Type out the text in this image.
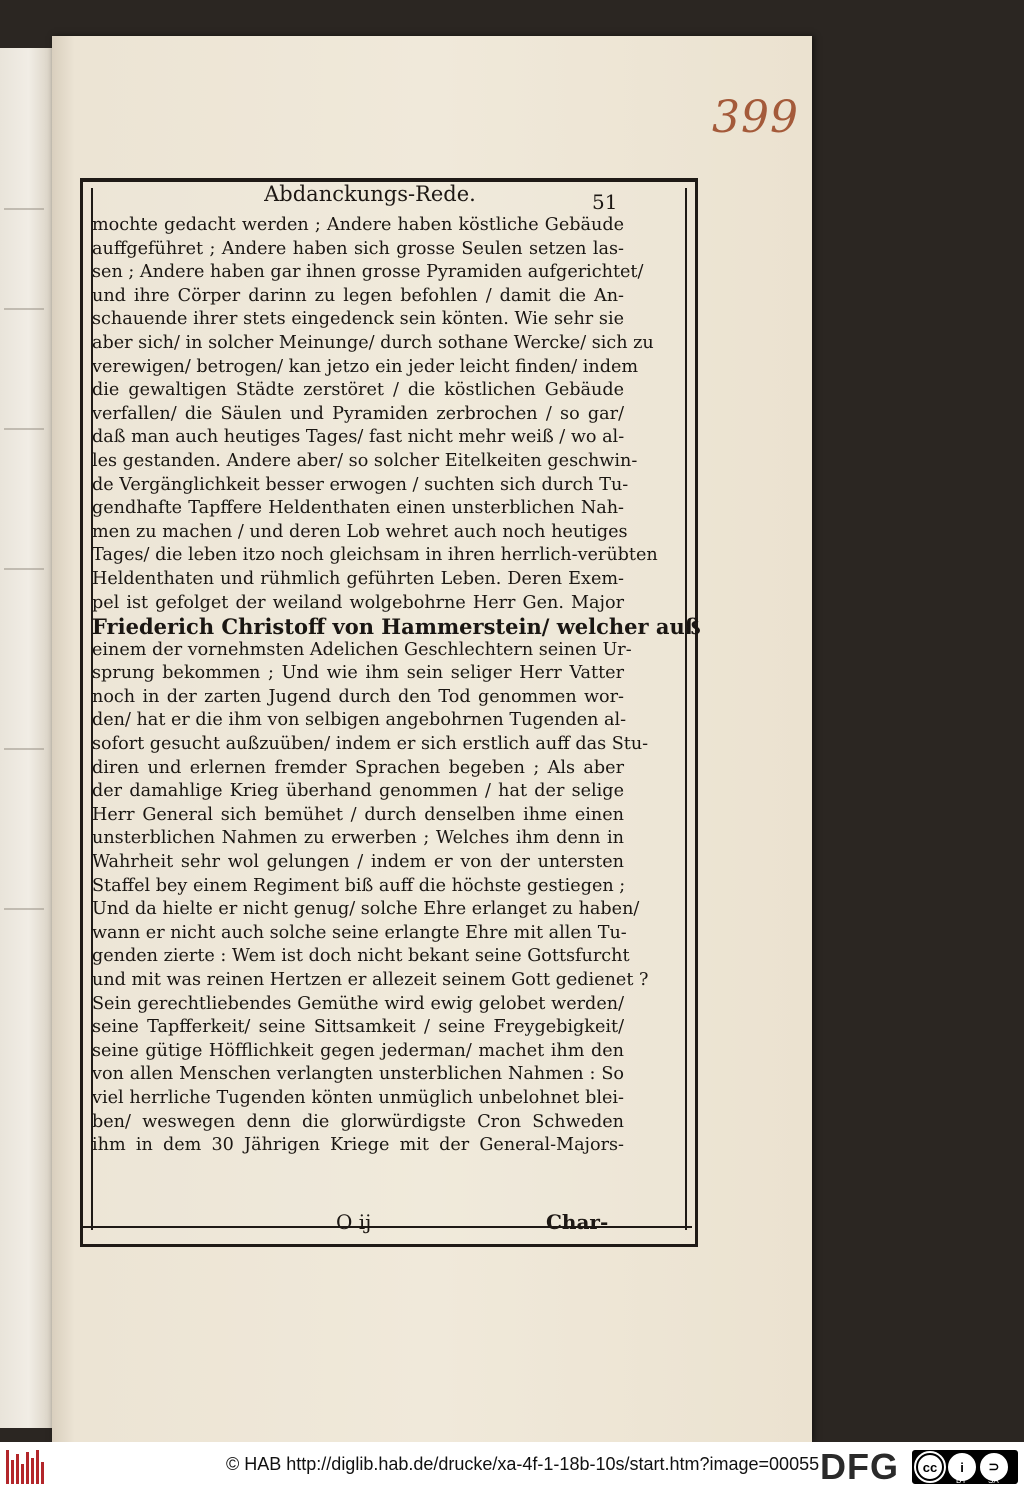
399
Abdanckungs-Rede.	51
mochte gedacht werden ; Andere haben köstliche Gebäude
auffgeführet ; Andere haben sich grosse Seulen setzen las-
sen ; Andere haben gar ihnen grosse Pyramiden aufgerichtet/
und ihre Cörper darinn zu legen befohlen / damit die An-
schauende ihrer stets eingedenck sein könten. Wie sehr sie
aber sich/ in solcher Meinunge/ durch sothane Wercke/ sich zu
verewigen/ betrogen/ kan jetzo ein jeder leicht finden/ indem
die gewaltigen Städte zerstöret / die köstlichen Gebäude
verfallen/ die Säulen und Pyramiden zerbrochen / so gar/
daß man auch heutiges Tages/ fast nicht mehr weiß / wo al-
les gestanden. Andere aber/ so solcher Eitelkeiten geschwin-
de Vergänglichkeit besser erwogen / suchten sich durch Tu-
gendhafte Tapffere Heldenthaten einen unsterblichen Nah-
men zu machen / und deren Lob wehret auch noch heutiges
Tages/ die leben itzo noch gleichsam in ihren herrlich-verübten
Heldenthaten und rühmlich geführten Leben. Deren Exem-
pel ist gefolget der weiland wolgebohrne Herr Gen. Major
Friederich Christoff von Hammerstein/ welcher auß
einem der vornehmsten Adelichen Geschlechtern seinen Ur-
sprung bekommen ; Und wie ihm sein seliger Herr Vatter
noch in der zarten Jugend durch den Tod genommen wor-
den/ hat er die ihm von selbigen angebohrnen Tugenden al-
sofort gesucht außzuüben/ indem er sich erstlich auff das Stu-
diren und erlernen fremder Sprachen begeben ; Als aber
der damahlige Krieg überhand genommen / hat der selige
Herr General sich bemühet / durch denselben ihme einen
unsterblichen Nahmen zu erwerben ; Welches ihm denn in
Wahrheit sehr wol gelungen / indem er von der untersten
Staffel bey einem Regiment biß auff die höchste gestiegen ;
Und da hielte er nicht genug/ solche Ehre erlanget zu haben/
wann er nicht auch solche seine erlangte Ehre mit allen Tu-
genden zierte : Wem ist doch nicht bekant seine Gottsfurcht
und mit was reinen Hertzen er allezeit seinem Gott gedienet ?
Sein gerechtliebendes Gemüthe wird ewig gelobet werden/
seine Tapfferkeit/ seine Sittsamkeit / seine Freygebigkeit/
seine gütige Höfflichkeit gegen jederman/ machet ihm den
von allen Menschen verlangten unsterblichen Nahmen : So
viel herrliche Tugenden könten unmüglich unbelohnet blei-
ben/ weswegen denn die glorwürdigste Cron Schweden
ihm in dem 30 Jährigen Kriege mit der General-Majors-
O ij	Char-
© HAB http://diglib.hab.de/drucke/xa-4f-1-18b-10s/start.htm?image=00055 DFG	cc	i	⊃
BY	SA
